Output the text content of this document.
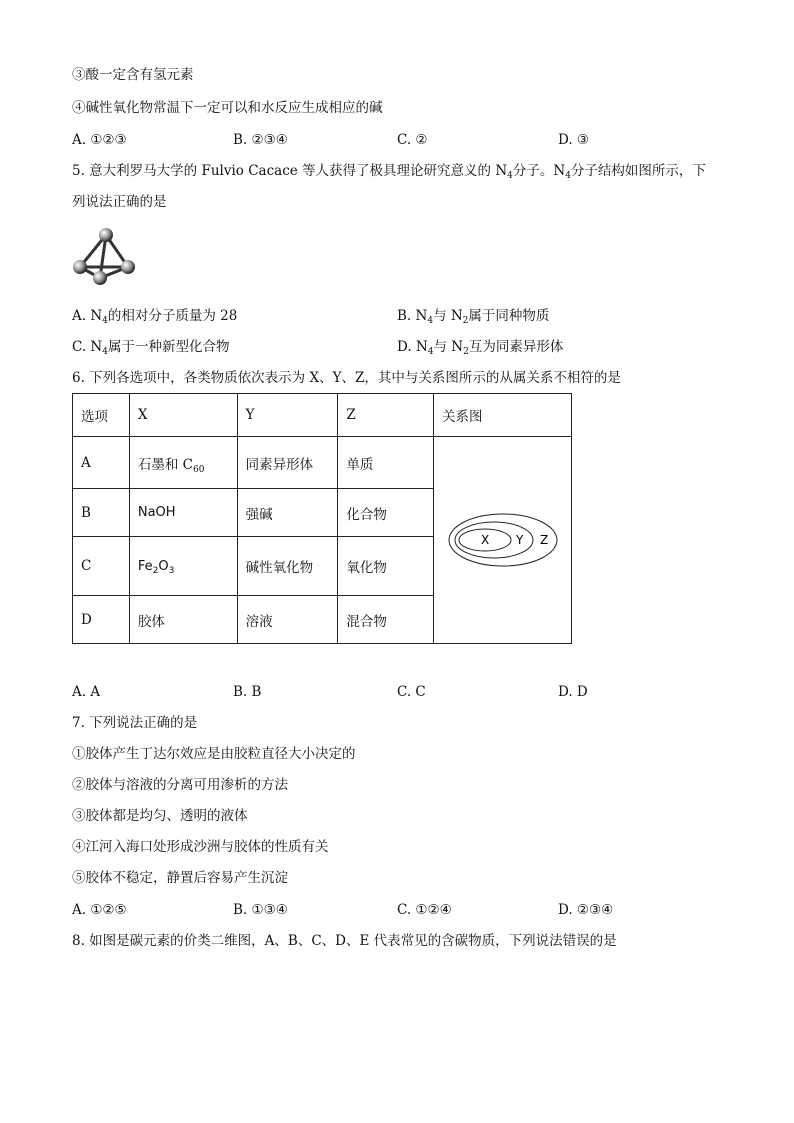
③酸一定含有氢元素
④碱性氧化物常温下一定可以和水反应生成相应的碱
A. ①②③	B. ②③④	C. ②	D. ③
5. 意大利罗马大学的 Fulvio Cacace 等人获得了极具理论研究意义的 $N_4$分子。$N_4$分子结构如图所示，下
列说法正确的是
A. $N_4$的相对分子质量为 28	B. $N_4$与 $N_2$属于同种物质
C. $N_4$属于一种新型化合物	D. $N_4$与 $N_2$互为同素异形体
6. 下列各选项中，各类物质依次表示为 X、Y、Z，其中与关系图所示的从属关系不相符的是
选项	X	Y	Z	关系图
A	石墨和 $C_{60}$	同素异形体	单质	X Y Z

B	NaOH	强碱	化合物	
C	$Fe_2O_3$	碱性氧化物	氧化物	
D	胶体	溶液	混合物	
A. A	B. B	C. C	D. D
7. 下列说法正确的是
①胶体产生丁达尔效应是由胶粒直径大小决定的
②胶体与溶液的分离可用渗析的方法
③胶体都是均匀、透明的液体
④江河入海口处形成沙洲与胶体的性质有关
⑤胶体不稳定，静置后容易产生沉淀
A. ①②⑤	B. ①③④	C. ①②④	D. ②③④
8. 如图是碳元素的价类二维图，A、B、C、D、E 代表常见的含碳物质，下列说法错误的是
